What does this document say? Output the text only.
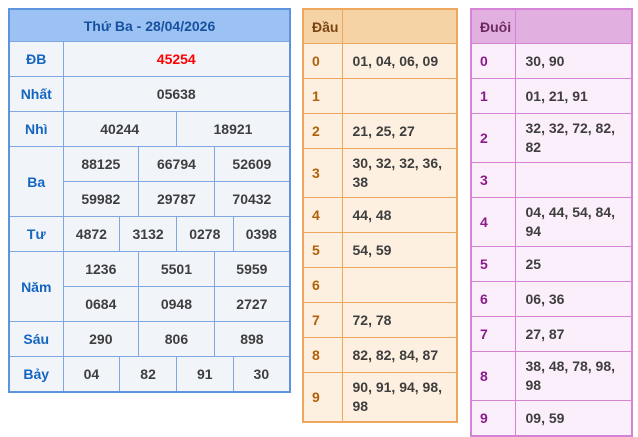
Thứ Ba - 28/04/2026						
ĐB	45254					
Nhất	05638					
Nhì	40244			18921		
Ba	88125		66794		52609	
	59982		29787		70432	
Tư	4872	3132		0278		0398
Năm	1236		5501		5959	
	0684		0948		2727	
Sáu	290		806		898	
Bảy	04	82		91		30
Đầu	
0	01, 04, 06, 09
1	
2	21, 25, 27
3	30, 32, 32, 36, 38
4	44, 48
5	54, 59
6	
7	72, 78
8	82, 82, 84, 87
9	90, 91, 94, 98, 98
Đuôi	
0	30, 90
1	01, 21, 91
2	32, 32, 72, 82, 82
3	
4	04, 44, 54, 84, 94
5	25
6	06, 36
7	27, 87
8	38, 48, 78, 98, 98
9	09, 59
